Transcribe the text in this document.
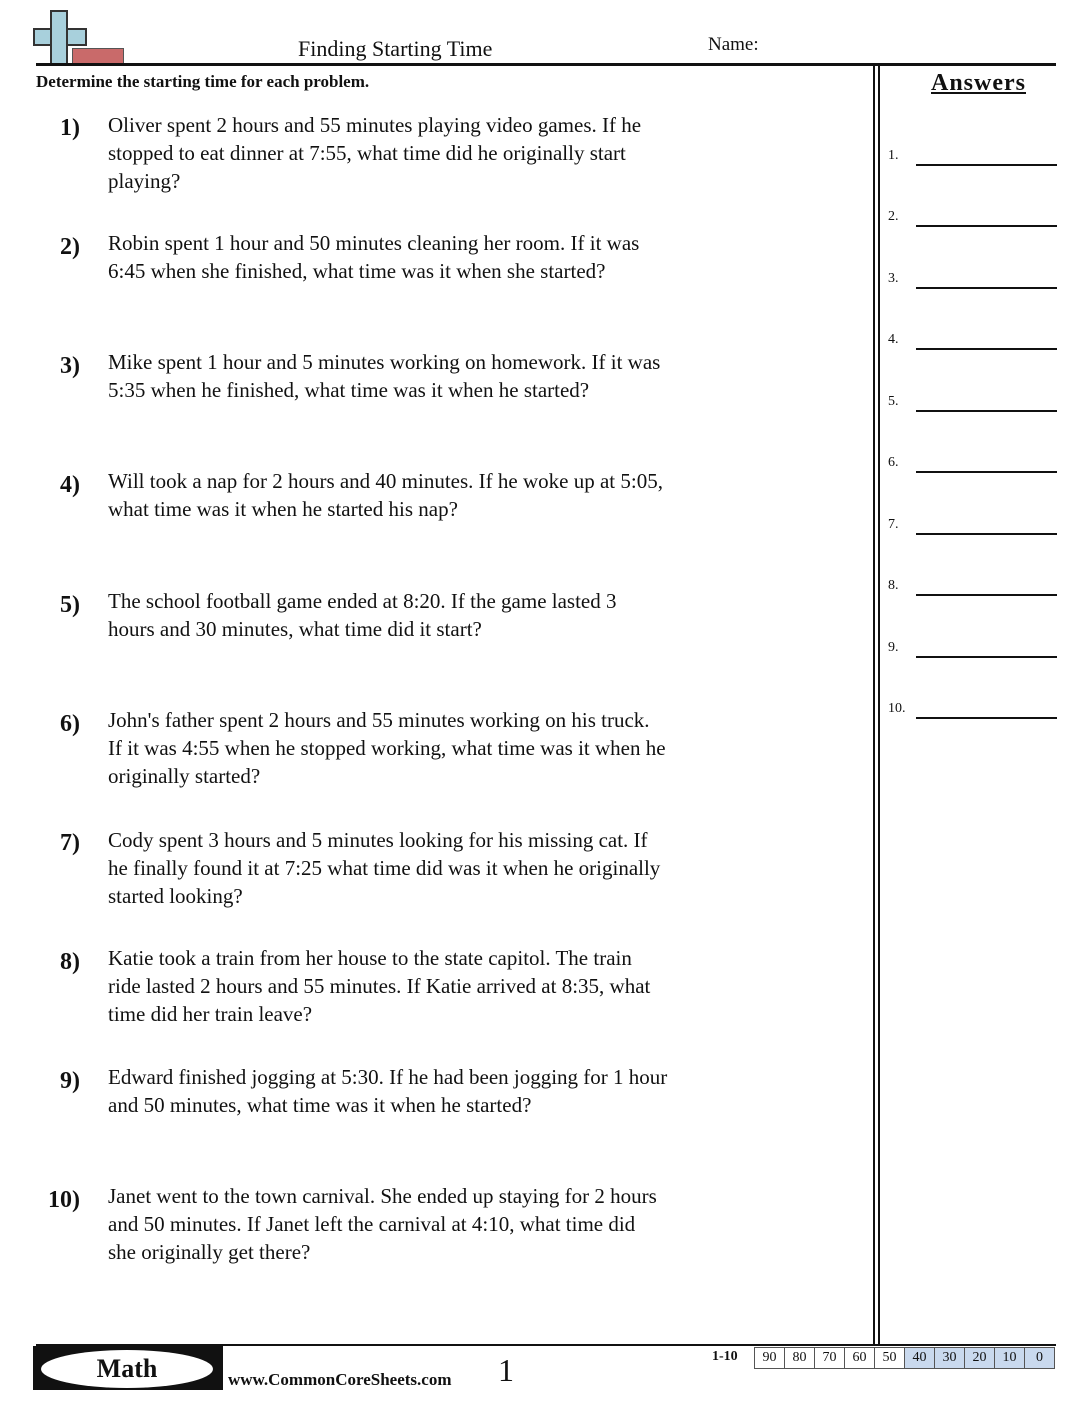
Finding Starting Time	Name:
Determine the starting time for each problem.
1) Oliver spent 2 hours and 55 minutes playing video games. If he stopped to eat dinner at 7:55, what time did he originally start playing?
2) Robin spent 1 hour and 50 minutes cleaning her room. If it was 6:45 when she finished, what time was it when she started?
3) Mike spent 1 hour and 5 minutes working on homework. If it was 5:35 when he finished, what time was it when he started?
4) Will took a nap for 2 hours and 40 minutes. If he woke up at 5:05, what time was it when he started his nap?
5) The school football game ended at 8:20. If the game lasted 3 hours and 30 minutes, what time did it start?
6) John's father spent 2 hours and 55 minutes working on his truck. If it was 4:55 when he stopped working, what time was it when he originally started?
7) Cody spent 3 hours and 5 minutes looking for his missing cat. If he finally found it at 7:25 what time did was it when he originally started looking?
8) Katie took a train from her house to the state capitol. The train ride lasted 2 hours and 55 minutes. If Katie arrived at 8:35, what time did her train leave?
9) Edward finished jogging at 5:30. If he had been jogging for 1 hour and 50 minutes, what time was it when he started?
10) Janet went to the town carnival. She ended up staying for 2 hours and 50 minutes. If Janet left the carnival at 4:10, what time did she originally get there?
Answers
1.
2.
3.
4.
5.
6.
7.
8.
9.
10.
Math	www.CommonCoreSheets.com 1	1-10	90	80	70	60	50	40	30	20	10	0
